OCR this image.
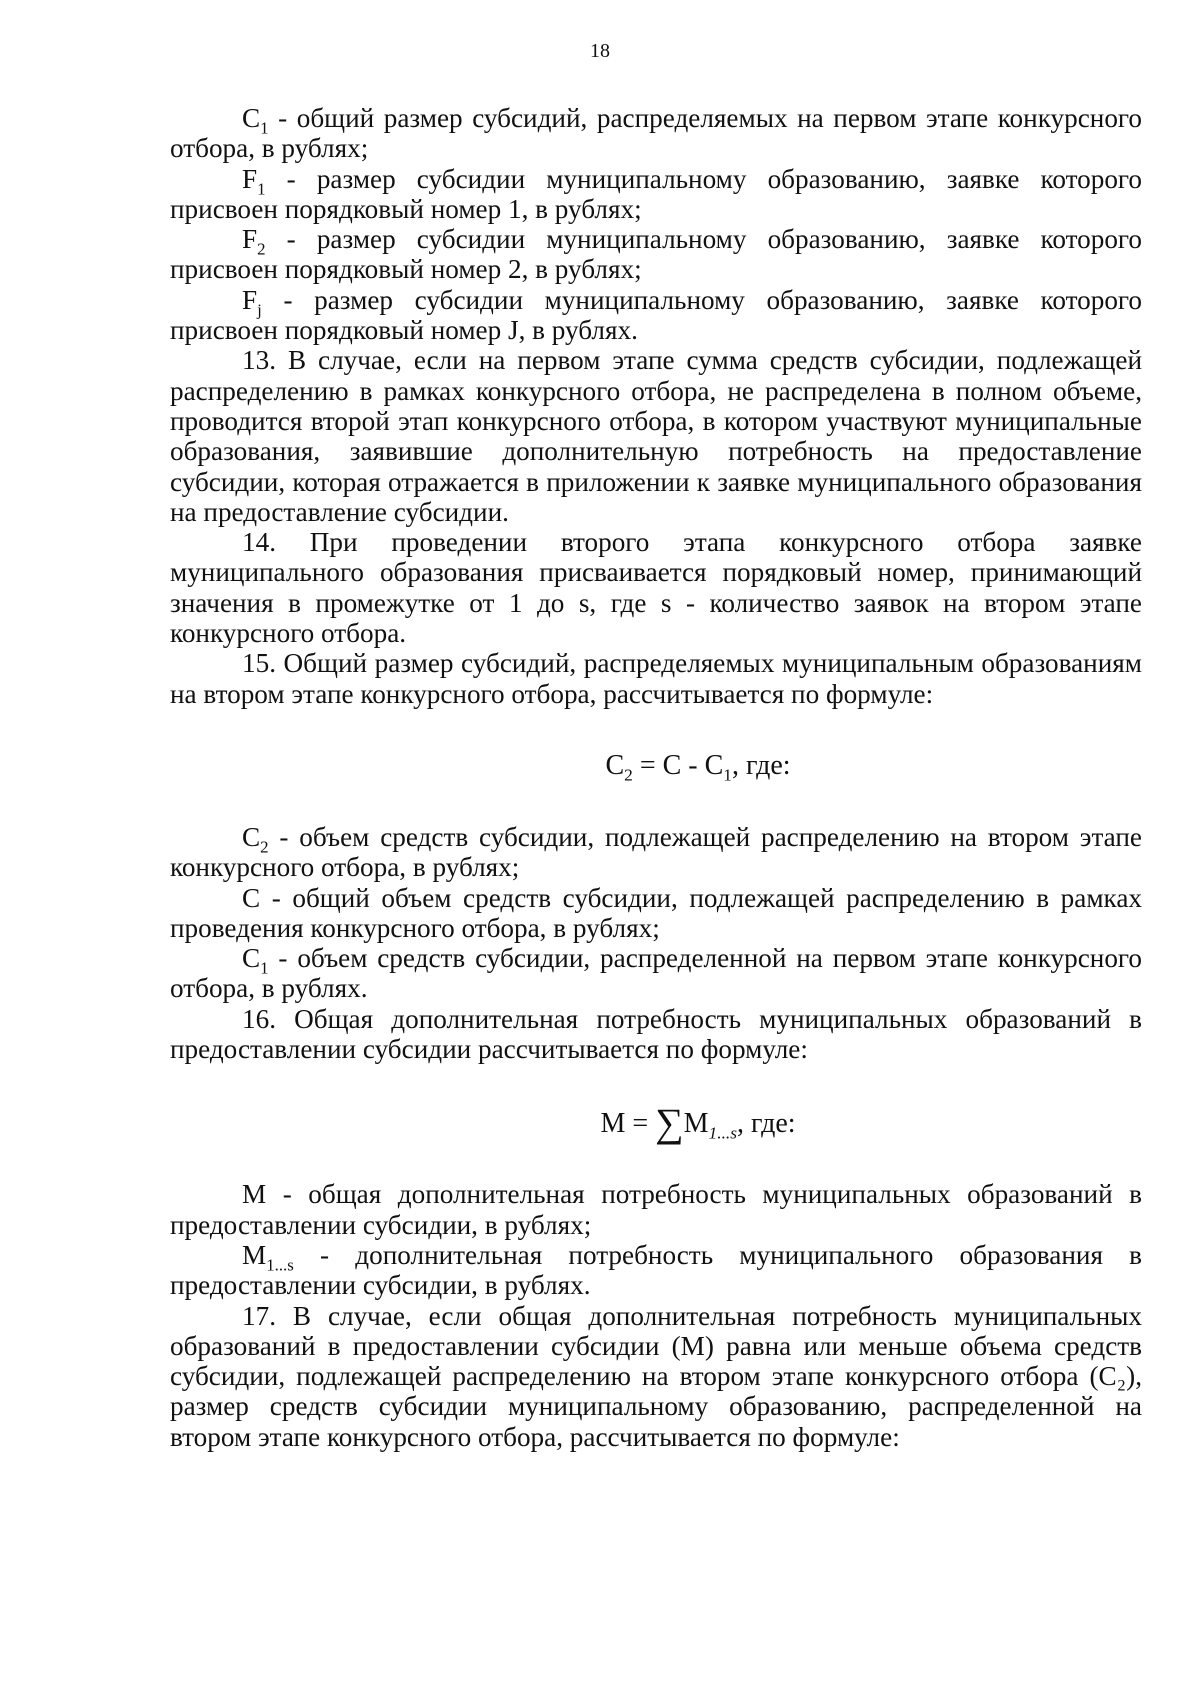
18

$C_1$ - общий размер субсидий, распределяемых на первом этапе конкурсного отбора, в рублях;

$F_1$ - размер субсидии муниципальному образованию, заявке которого присвоен порядковый номер 1, в рублях;

$F_2$ - размер субсидии муниципальному образованию, заявке которого присвоен порядковый номер 2, в рублях;

$F_j$ - размер субсидии муниципальному образованию, заявке которого присвоен порядковый номер J, в рублях.

13. В случае, если на первом этапе сумма средств субсидии, подлежащей распределению в рамках конкурсного отбора, не распределена в полном объеме, проводится второй этап конкурсного отбора, в котором участвуют муниципальные образования, заявившие дополнительную потребность на предоставление субсидии, которая отражается в приложении к заявке муниципального образования на предоставление субсидии.

14. При проведении второго этапа конкурсного отбора заявке муниципального образования присваивается порядковый номер, принимающий значения в промежутке от 1 до s, где s - количество заявок на втором этапе конкурсного отбора.

15. Общий размер субсидий, распределяемых муниципальным образованиям на втором этапе конкурсного отбора, рассчитывается по формуле:

$C_2 = C - C_1$, где:

$C_2$ - объем средств субсидии, подлежащей распределению на втором этапе конкурсного отбора, в рублях;

C - общий объем средств субсидии, подлежащей распределению в рамках проведения конкурсного отбора, в рублях;

$C_1$ - объем средств субсидии, распределенной на первом этапе конкурсного отбора, в рублях.

16. Общая дополнительная потребность муниципальных образований в предоставлении субсидии рассчитывается по формуле:

$M = \sum M_{1...s}$, где:

M - общая дополнительная потребность муниципальных образований в предоставлении субсидии, в рублях;

$M_{1...s}$ - дополнительная потребность муниципального образования в предоставлении субсидии, в рублях.

17. В случае, если общая дополнительная потребность муниципальных образований в предоставлении субсидии (М) равна или меньше объема средств субсидии, подлежащей распределению на втором этапе конкурсного отбора (C₂), размер средств субсидии муниципальному образованию, распределенной на втором этапе конкурсного отбора, рассчитывается по формуле:
